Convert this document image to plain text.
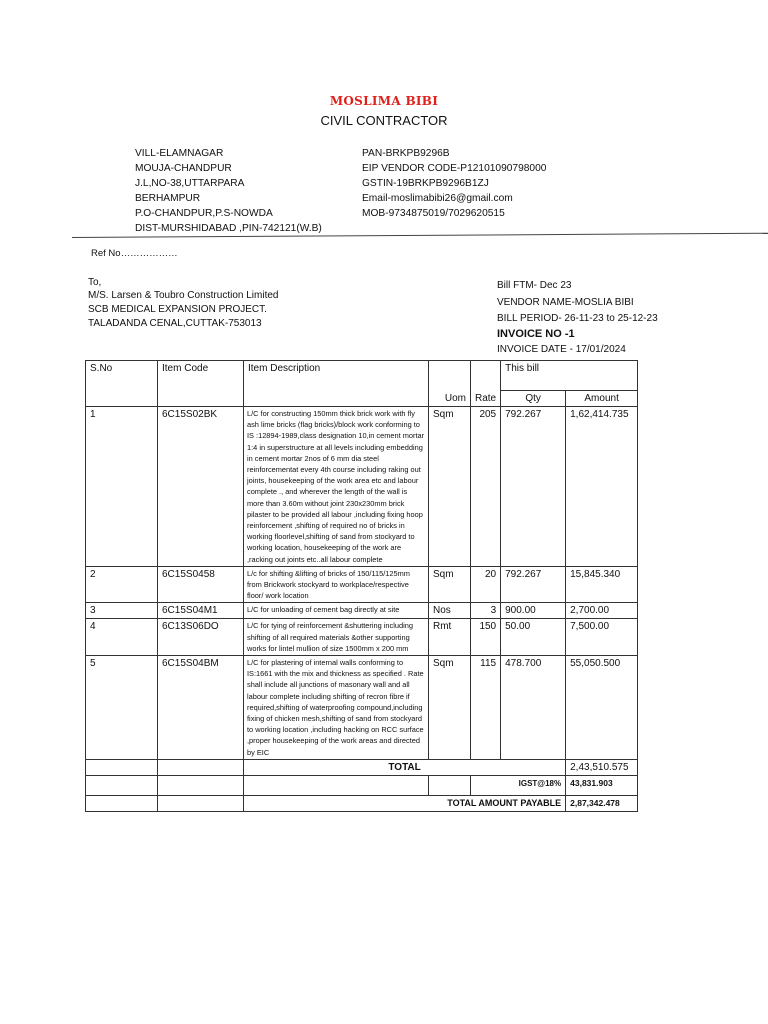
MOSLIMA BIBI
CIVIL CONTRACTOR
VILL-ELAMNAGAR
MOUJA-CHANDPUR
J.L,NO-38,UTTARPARA
BERHAMPUR
P.O-CHANDPUR,P.S-NOWDA
DIST-MURSHIDABAD ,PIN-742121(W.B)
PAN-BRKPB9296B
EIP VENDOR CODE-P12101090798000
GSTIN-19BRKPB9296B1ZJ
Email-moslimabibi26@gmail.com
MOB-9734875019/7029620515
Ref No………………
To,
M/S. Larsen & Toubro Construction Limited
SCB MEDICAL EXPANSION PROJECT.
TALADANDA CENAL,CUTTAK-753013
Bill FTM- Dec 23
VENDOR NAME-MOSLIA BIBI
BILL PERIOD- 26-11-23 to 25-12-23
INVOICE NO -1
INVOICE DATE - 17/01/2024
S.No	Item Code	Item Description	Uom	Rate	This bill	
					Qty	Amount
1	6C15S02BK	L/C for constructing 150mm thick brick work with fly ash lime bricks (flag bricks)/block work conforming to IS :12894-1989,class designation 10,in cement mortar 1:4 in superstructure at all levels including embedding in cement mortar 2nos of 6 mm dia steel reinforcementat every 4th course including raking out joints, housekeeping of the work area etc and labour complete ., and wherever the length of the wall is more than 3.60m without joint 230x230mm brick pilaster to be provided all labour ,including fixing hoop reinforcement ,shifting of required no of bricks in working floorlevel,shifting of sand from stockyard to working location, housekeeping of the work are ,racking out joints etc..all labour complete	Sqm	205	792.267	1,62,414.735
2	6C15S0458	L/c for shifting &lifting of bricks of 150/115/125mm from Brickwork stockyard to workplace/respective floor/ work location	Sqm	20	792.267	15,845.340
3	6C15S04M1	L/C for unloading of cement bag directly at site	Nos	3	900.00	2,700.00
4	6C13S06DO	L/C for tying of reinforcement &shuttering including shifting of all required materials &other supporting works for lintel mullion of size 1500mm x 200 mm	Rmt	150	50.00	7,500.00
5	6C15S04BM	L/C for plastering of internal walls conforming to IS:1661 with the mix and thickness as specified . Rate shall include all junctions of masonary wall and all labour complete including shifting of recron fibre if required,shifting of waterproofing compound,including fixing of chicken mesh,shifting of sand from stockyard to working location ,including hacking on RCC surface ,proper housekeeping of the work areas and directed by EIC	Sqm	115	478.700	55,050.500
		TOTAL				2,43,510.575
				IGST@18%		43,831.903
		TOTAL AMOUNT PAYABLE				2,87,342.478
